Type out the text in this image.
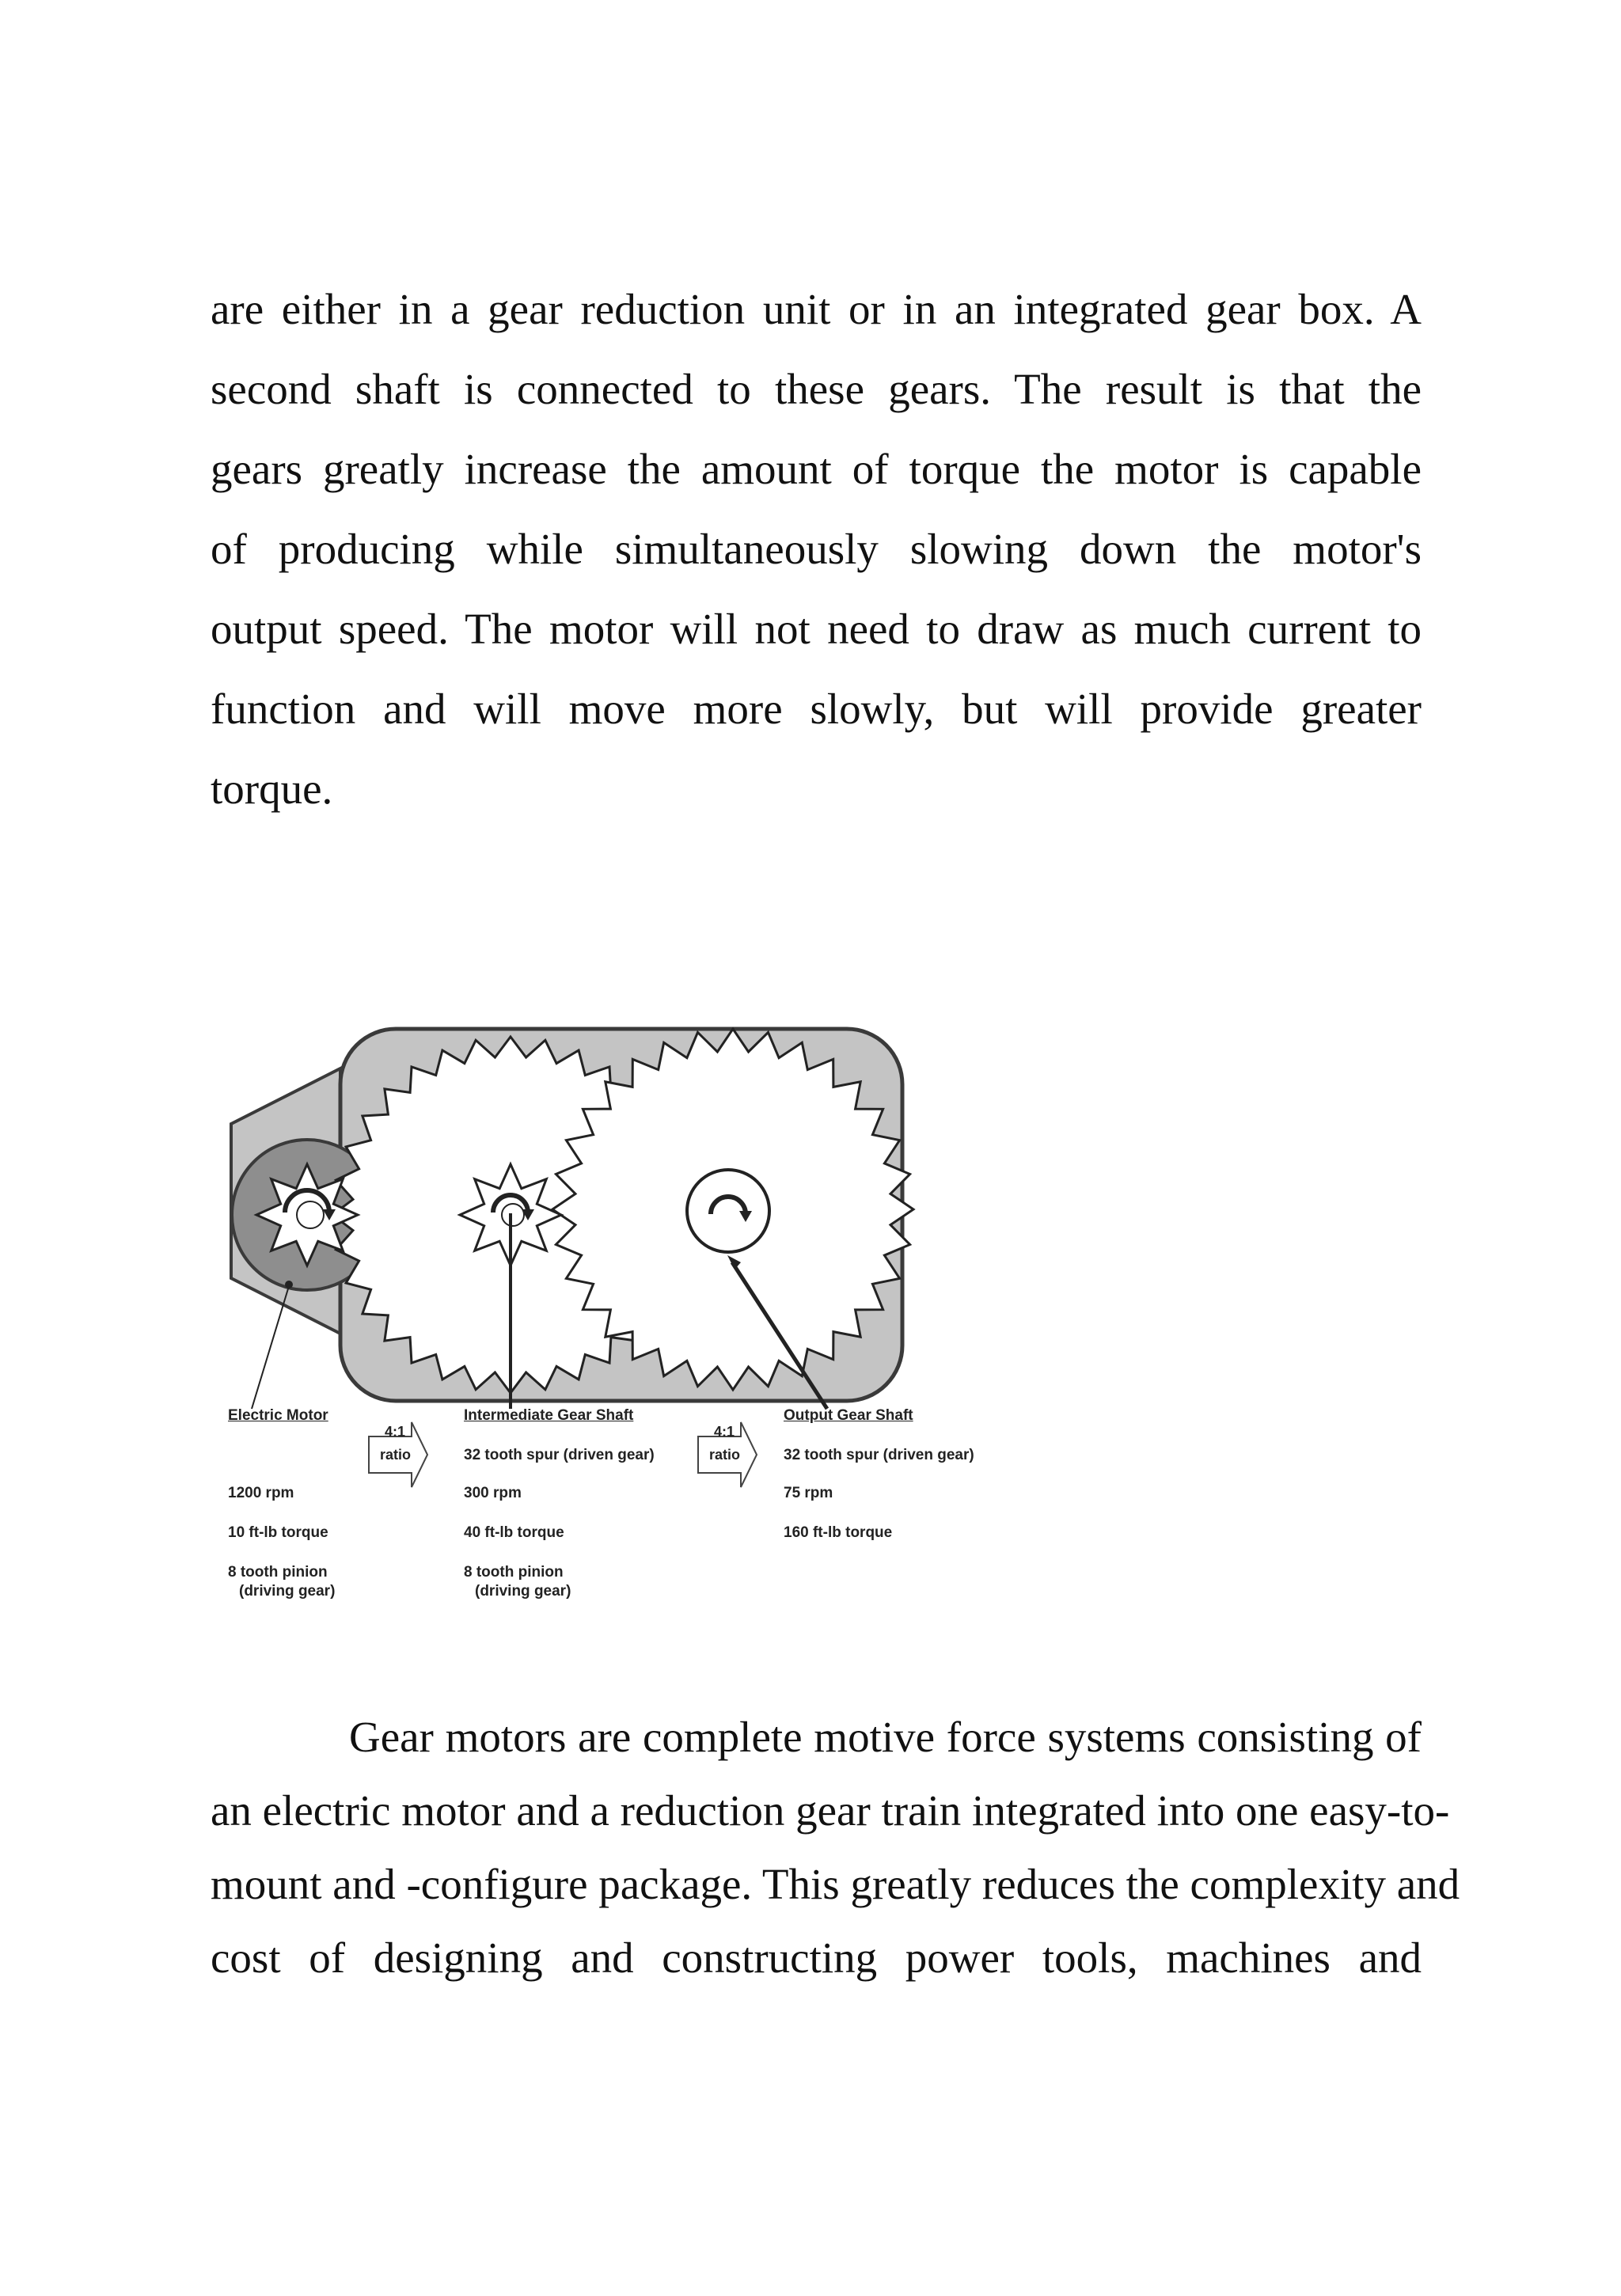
are either in a gear reduction unit or in an integrated gear box. A
second shaft is connected to these gears. The result is that the
gears greatly increase the amount of torque the motor is capable
of producing while simultaneously slowing down the motor's
output speed. The motor will not need to draw as much current to
function and will move more slowly, but will provide greater
torque.
Electric Motor
1200 rpm
10 ft-lb torque
8 tooth pinion
(driving gear)
4:1
ratio
Intermediate Gear Shaft
32 tooth spur (driven gear)
300 rpm
40 ft-lb torque
8 tooth pinion
(driving gear)
4:1
ratio
Output Gear Shaft
32 tooth spur (driven gear)
75 rpm
160 ft-lb torque
Gear motors are complete motive force systems consisting of
an electric motor and a reduction gear train integrated into one easy-to-
mount and -configure package. This greatly reduces the complexity and
cost of designing and constructing power tools, machines and
